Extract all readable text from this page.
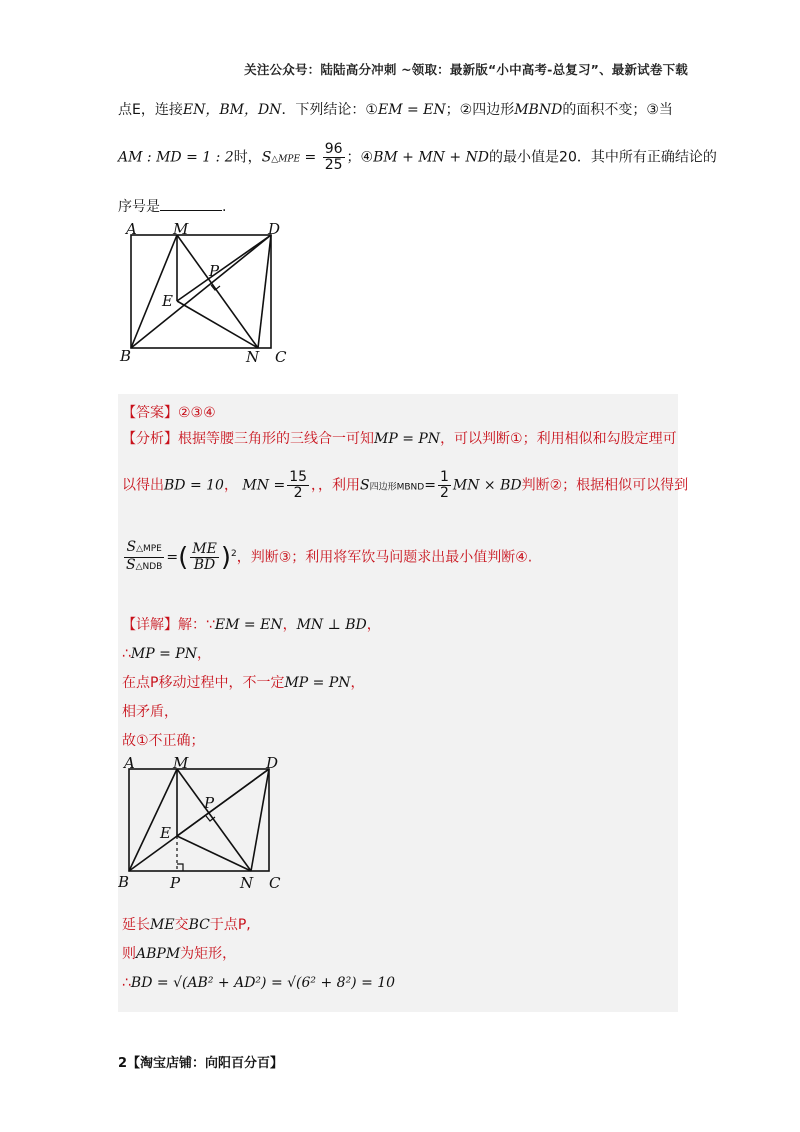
关注公众号：陆陆高分冲刺 ~领取：最新版“小中高考-总复习”、最新试卷下载
点E，连接EN，BM，DN．下列结论：①EM = EN；②四边形MBND的面积不变；③当
AM : MD = 1 : 2时，S△MPE = $\frac{96}{25}$ ；④BM + MN + ND的最小值是20．其中所有正确结论的
序号是	.
A M	D
P
E
B	N C
【答案】②③④
【分析】根据等腰三角形的三线合一可知MP = PN，可以判断①；利用相似和勾股定理可
以得出BD = 10， MN = $\frac{15}{2}$ ，，利用S四边形MBND= $\frac{1}{2}$ MN × BD判断②；根据相似可以得到
$\frac{\text{S△MPE}}{\text{S△NDB}}$ =( $\frac{ME}{BD} )^2$，判断③；利用将军饮马问题求出最小值判断④.
【详解】解：∵EM = EN，MN ⊥ BD，
∴MP = PN，
在点P移动过程中，不一定MP = PN，
相矛盾，
故①不正确；
A	M	D
P
E
B	P	N C
延长ME交BC于点P,
则ABPM为矩形，
∴BD = √(AB² + AD²) = √(6² + 8²) = 10
2【淘宝店铺：向阳百分百】
